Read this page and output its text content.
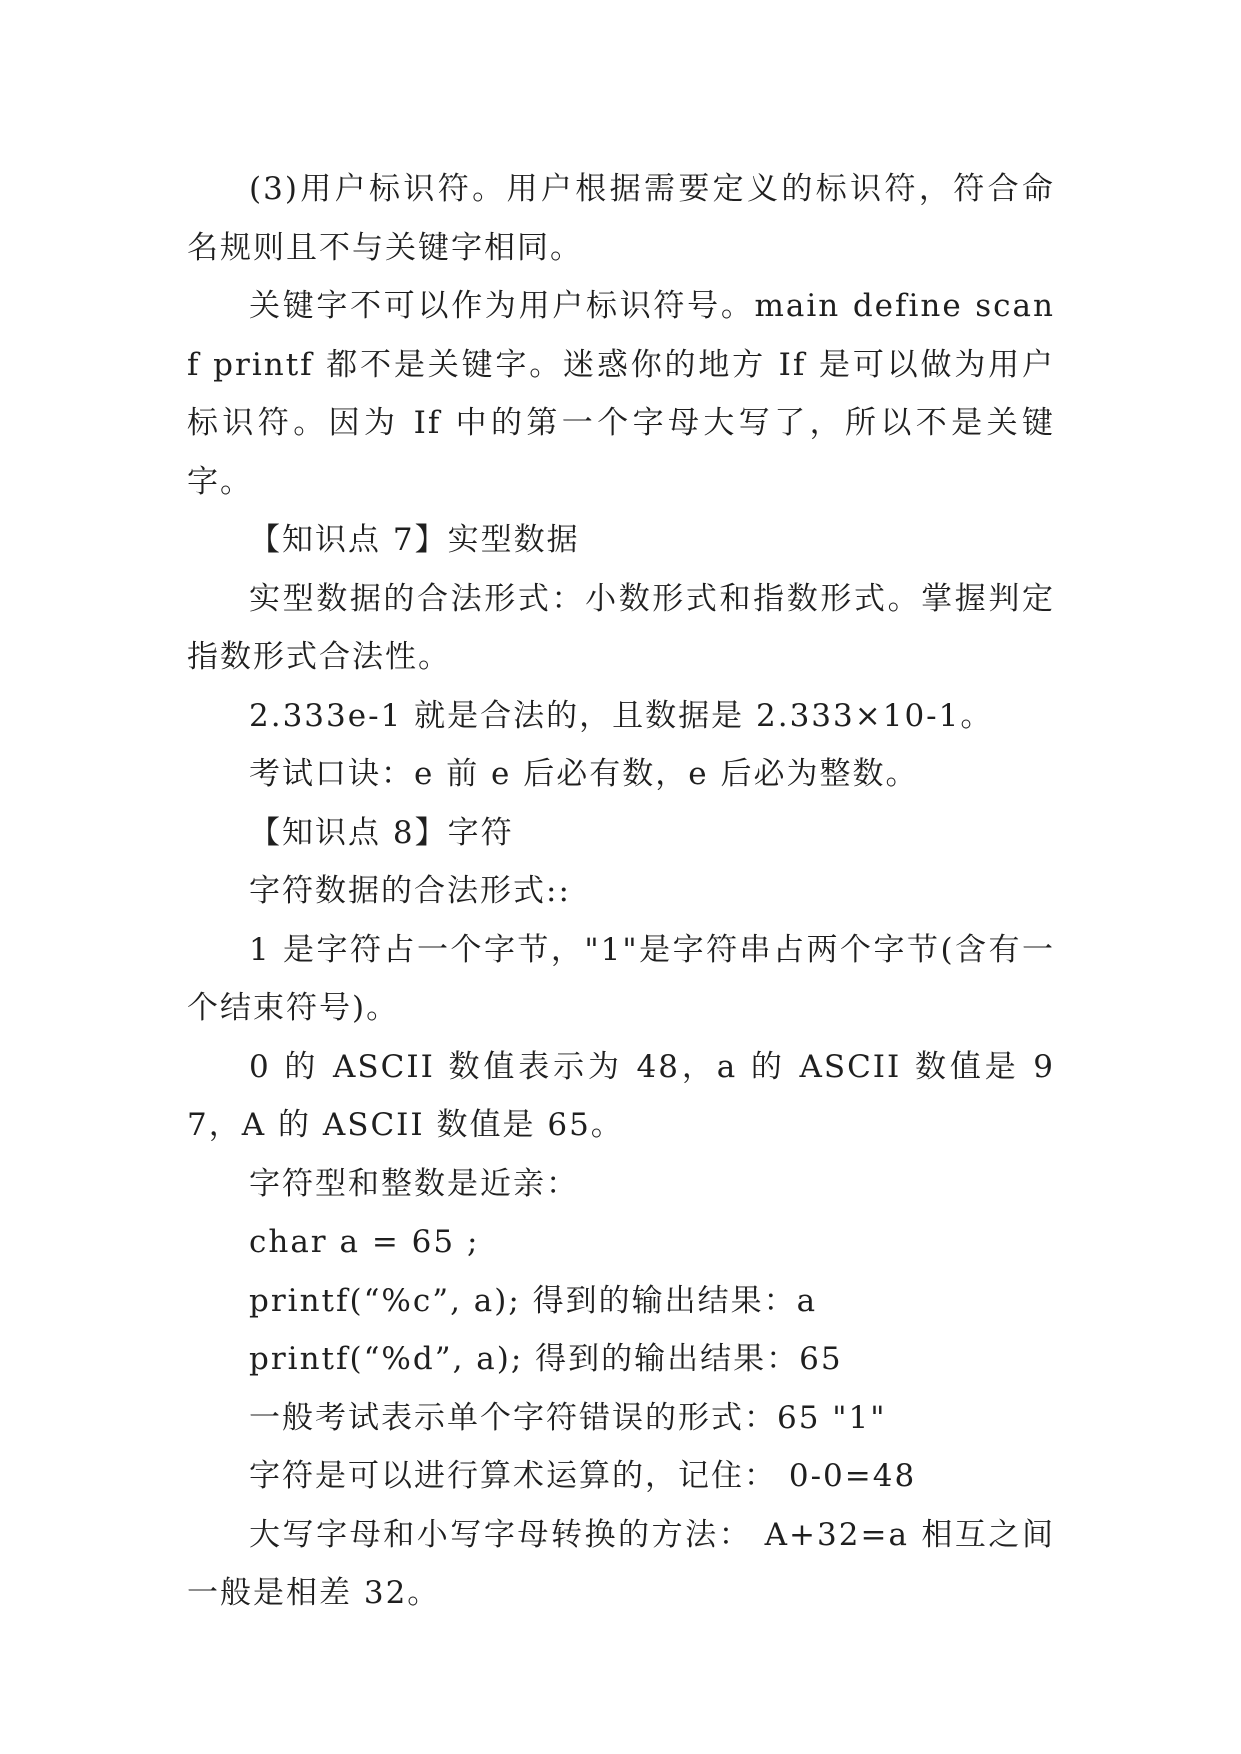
(3)用户标识符。用户根据需要定义的标识符，符合命名规则且不与关键字相同。

关键字不可以作为用户标识符号。main define scanf printf 都不是关键字。迷惑你的地方 If 是可以做为用户标识符。因为 If 中的第一个字母大写了，所以不是关键字。

【知识点 7】实型数据

实型数据的合法形式：小数形式和指数形式。掌握判定指数形式合法性。

2.333e-1 就是合法的，且数据是 2.333×10-1。

考试口诀：e 前 e 后必有数，e 后必为整数。

【知识点 8】字符

字符数据的合法形式::

1 是字符占一个字节，"1"是字符串占两个字节(含有一个结束符号)。

0 的 ASCII 数值表示为 48，a 的 ASCII 数值是 97，A 的 ASCII 数值是 65。

字符型和整数是近亲：

char a = 65 ;

printf(“%c”, a); 得到的输出结果：a

printf(“%d”, a); 得到的输出结果：65

一般考试表示单个字符错误的形式：65 "1"

字符是可以进行算术运算的，记住： 0-0=48

大写字母和小写字母转换的方法： A+32=a 相互之间一般是相差 32。
